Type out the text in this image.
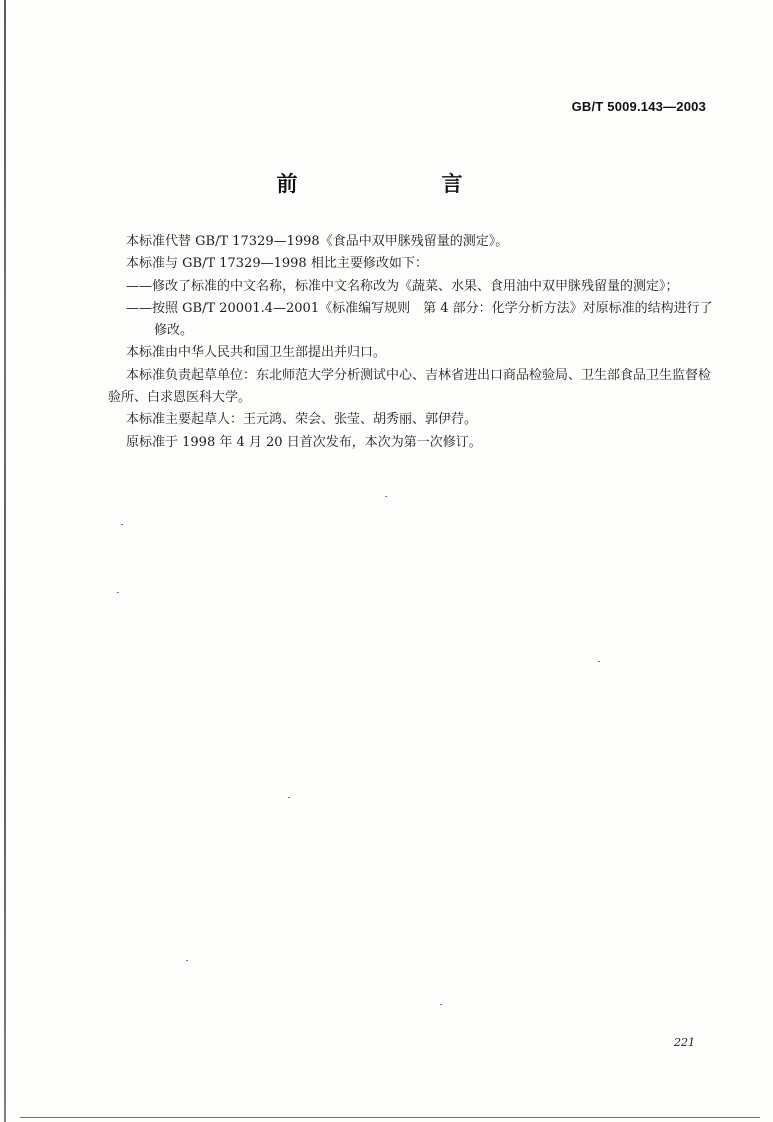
GB/T 5009.143—2003
前　　言

本标准代替 GB/T 17329—1998《食品中双甲脒残留量的测定》。

本标准与 GB/T 17329—1998 相比主要修改如下：

——修改了标准的中文名称，标准中文名称改为《蔬菜、水果、食用油中双甲脒残留量的测定》；

——按照 GB/T 20001.4—2001《标准编写规则　第 4 部分：化学分析方法》对原标准的结构进行了

修改。

本标准由中华人民共和国卫生部提出并归口。

本标准负责起草单位：东北师范大学分析测试中心、吉林省进出口商品检验局、卫生部食品卫生监督检验所、白求恩医科大学。

本标准主要起草人：王元鸿、荣会、张莹、胡秀丽、郭伊荇。

原标准于 1998 年 4 月 20 日首次发布，本次为第一次修订。

221
